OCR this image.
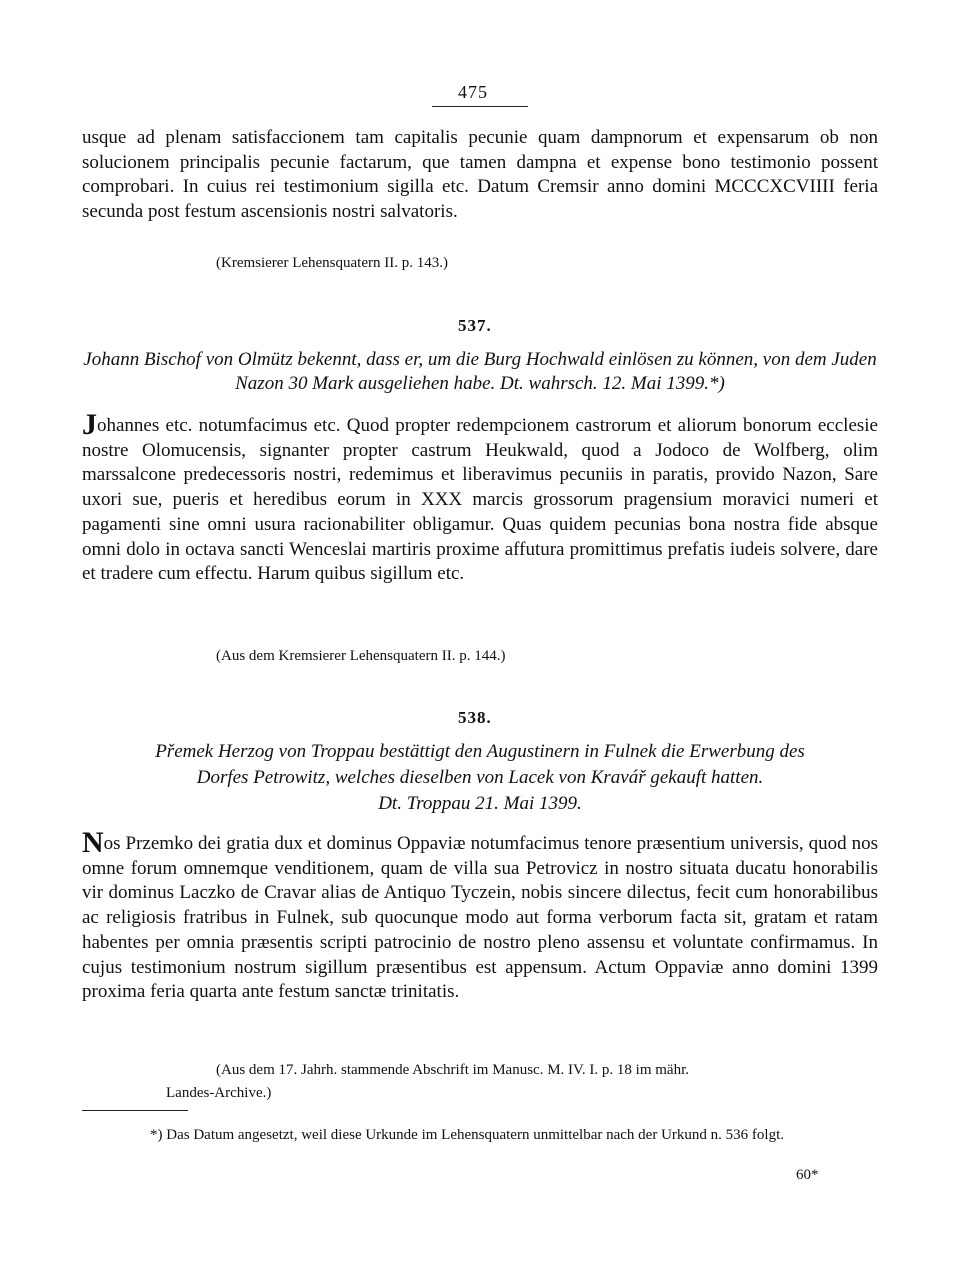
475

usque ad plenam satisfaccionem tam capitalis pecunie quam dampnorum et expensarum ob non solucionem principalis pecunie factarum, que tamen dampna et expense bono testimonio possent comprobari. In cuius rei testimonium sigilla etc. Datum Cremsir anno domini MCCCXCVIIII feria secunda post festum ascensionis nostri salvatoris.

(Kremsierer Lehensquatern II. p. 143.)

537.

Johann Bischof von Olmütz bekennt, dass er, um die Burg Hochwald einlösen zu können, von dem Juden Nazon 30 Mark ausgeliehen habe. Dt. wahrsch. 12. Mai 1399.*)

Johannes etc. notumfacimus etc. Quod propter redempcionem castrorum et aliorum bonorum ecclesie nostre Olomucensis, signanter propter castrum Heukwald, quod a Jodoco de Wolfberg, olim marssalcone predecessoris nostri, redemimus et liberavimus pecuniis in paratis, provido Nazon, Sare uxori sue, pueris et heredibus eorum in XXX marcis grossorum pragensium moravici numeri et pagamenti sine omni usura racionabiliter obligamur. Quas quidem pecunias bona nostra fide absque omni dolo in octava sancti Wenceslai martiris proxime affutura promittimus prefatis iudeis solvere, dare et tradere cum effectu. Harum quibus sigillum etc.

(Aus dem Kremsierer Lehensquatern II. p. 144.)

538.

Přemek Herzog von Troppau bestättigt den Augustinern in Fulnek die Erwerbung des

Dorfes Petrowitz, welches dieselben von Lacek von Kravář gekauft hatten.

Dt. Troppau 21. Mai 1399.

Nos Przemko dei gratia dux et dominus Oppaviæ notumfacimus tenore præsentium universis, quod nos omne forum omnemque venditionem, quam de villa sua Petrovicz in nostro situata ducatu honorabilis vir dominus Laczko de Cravar alias de Antiquo Tyczein, nobis sincere dilectus, fecit cum honorabilibus ac religiosis fratribus in Fulnek, sub quocunque modo aut forma verborum facta sit, gratam et ratam habentes per omnia præsentis scripti patrocinio de nostro pleno assensu et voluntate confirmamus. In cujus testimonium nostrum sigillum præsentibus est appensum. Actum Oppaviæ anno domini 1399 proxima feria quarta ante festum sanctæ trinitatis.

(Aus dem 17. Jahrh. stammende Abschrift im Manusc. M. IV. I. p. 18 im mähr.

Landes-Archive.)

*) Das Datum angesetzt, weil diese Urkunde im Lehensquatern unmittelbar nach der Urkund n. 536 folgt.

60*
